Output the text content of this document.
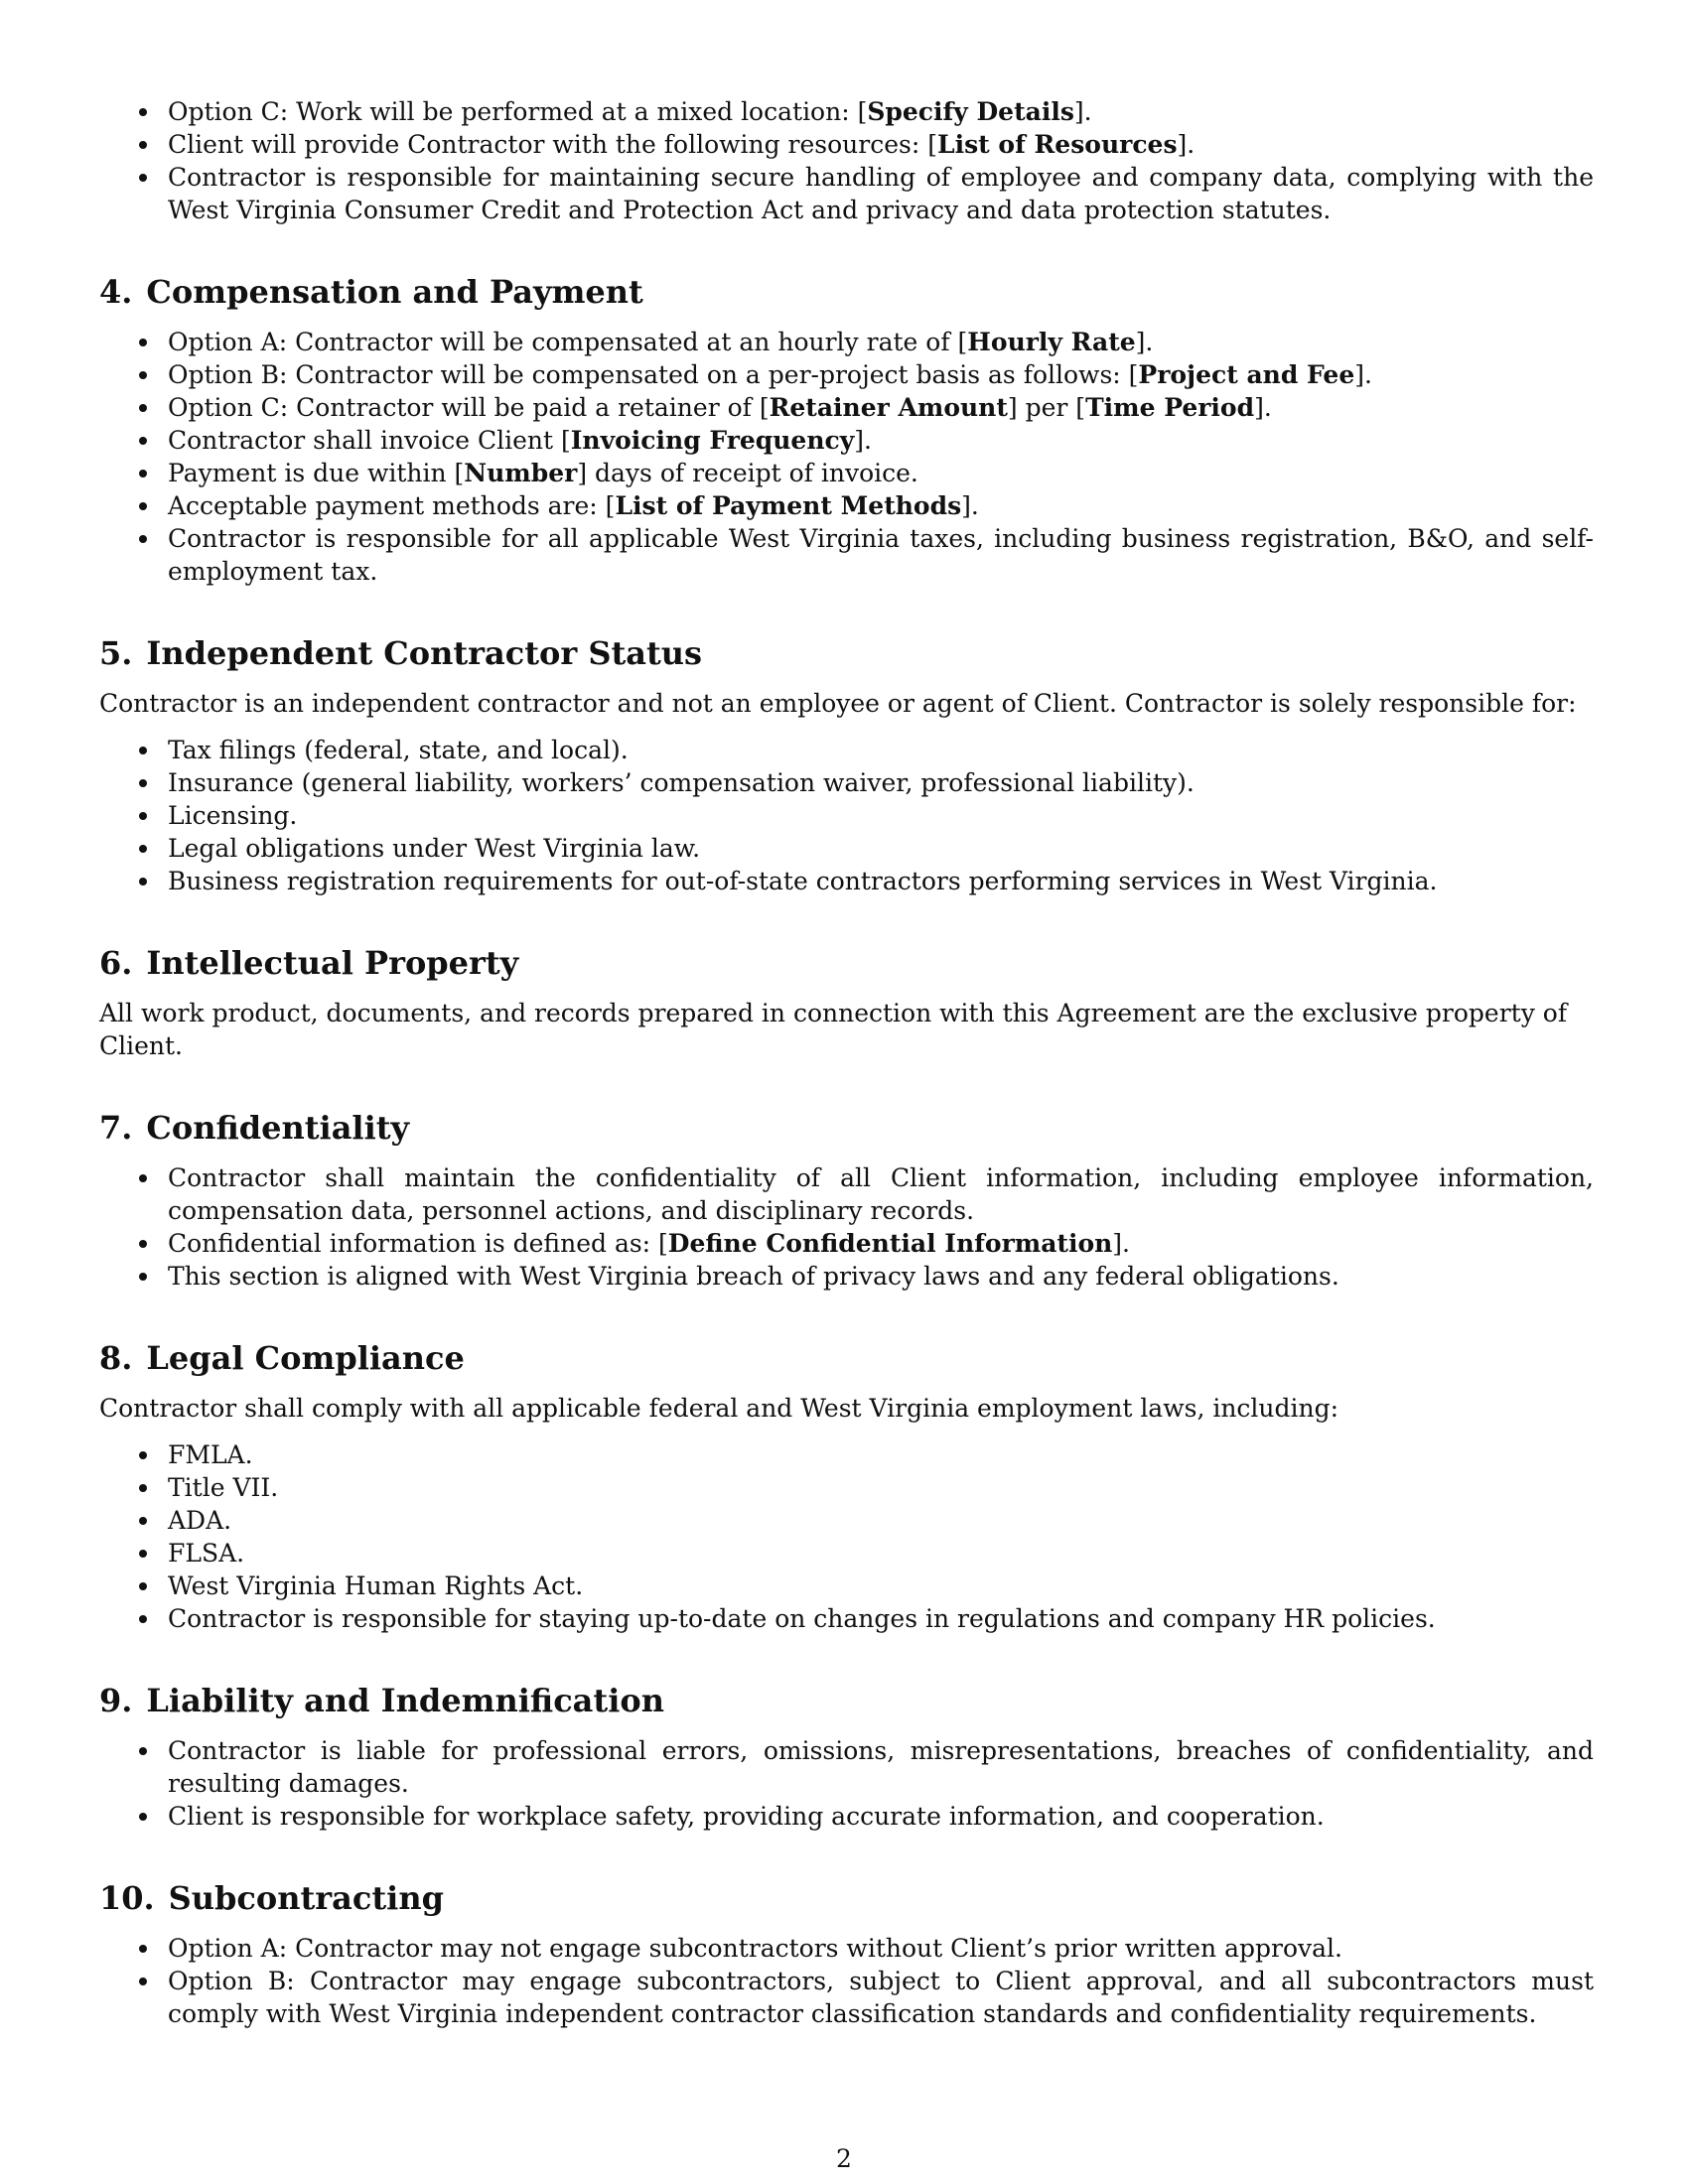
Option C: Work will be performed at a mixed location: [Specify Details].
Client will provide Contractor with the following resources: [List of Resources].
Contractor is responsible for maintaining secure handling of employee and company data, complying with the West Virginia Consumer Credit and Protection Act and privacy and data protection statutes.
4. Compensation and Payment
Option A: Contractor will be compensated at an hourly rate of [Hourly Rate].
Option B: Contractor will be compensated on a per-project basis as follows: [Project and Fee].
Option C: Contractor will be paid a retainer of [Retainer Amount] per [Time Period].
Contractor shall invoice Client [Invoicing Frequency].
Payment is due within [Number] days of receipt of invoice.
Acceptable payment methods are: [List of Payment Methods].
Contractor is responsible for all applicable West Virginia taxes, including business registration, B&O, and self-employment tax.
5. Independent Contractor Status

Contractor is an independent contractor and not an employee or agent of Client. Contractor is solely responsible for:

Tax filings (federal, state, and local).
Insurance (general liability, workers’ compensation waiver, professional liability).
Licensing.
Legal obligations under West Virginia law.
Business registration requirements for out-of-state contractors performing services in West Virginia.
6. Intellectual Property

All work product, documents, and records prepared in connection with this Agreement are the exclusive property of Client.

7. Confidentiality
Contractor shall maintain the confidentiality of all Client information, including employee information, compensation data, personnel actions, and disciplinary records.
Confidential information is defined as: [Define Confidential Information].
This section is aligned with West Virginia breach of privacy laws and any federal obligations.
8. Legal Compliance

Contractor shall comply with all applicable federal and West Virginia employment laws, including:

FMLA.
Title VII.
ADA.
FLSA.
West Virginia Human Rights Act.
Contractor is responsible for staying up-to-date on changes in regulations and company HR policies.
9. Liability and Indemnification
Contractor is liable for professional errors, omissions, misrepresentations, breaches of confidentiality, and resulting damages.
Client is responsible for workplace safety, providing accurate information, and cooperation.
10. Subcontracting
Option A: Contractor may not engage subcontractors without Client’s prior written approval.
Option B: Contractor may engage subcontractors, subject to Client approval, and all subcontractors must comply with West Virginia independent contractor classification standards and confidentiality requirements.
2
